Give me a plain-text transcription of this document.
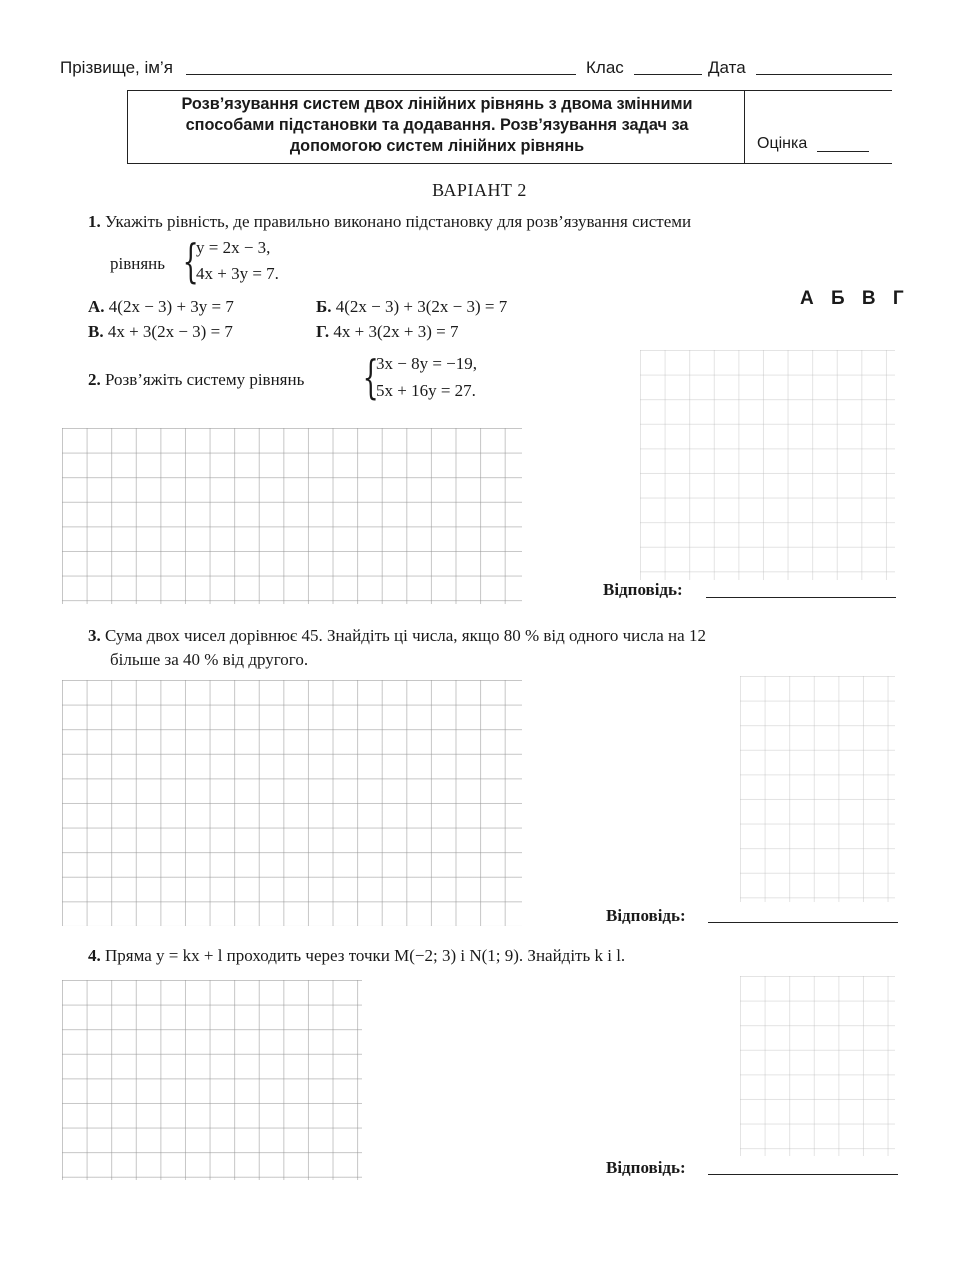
Прізвище, ім’я	Клас	Дата
Розв’язування систем двох лінійних рівнянь з двома змінними
способами підстановки та додавання. Розв’язування задач за
допомогою систем лінійних рівнянь	Оцінка
ВАРІАНТ 2
1. Укажіть рівність, де правильно виконано підстановку для розв’язування системи
рівнянь {
y = 2x − 3,
4x + 3y = 7.
А. 4(2x − 3) + 3y = 7	Б. 4(2x − 3) + 3(2x − 3) = 7
В. 4x + 3(2x − 3) = 7	Г. 4x + 3(2x + 3) = 7
А Б В Г
2. Розв’яжіть систему рівнянь {
3x − 8y = −19,
5x + 16y = 27.
Відповідь:
3. Сума двох чисел дорівнює 45. Знайдіть ці числа, якщо 80 % від одного числа на 12
більше за 40 % від другого.
Відповідь:
4. Пряма y = kx + l проходить через точки M(−2; 3) і N(1; 9). Знайдіть k і l.
Відповідь:
